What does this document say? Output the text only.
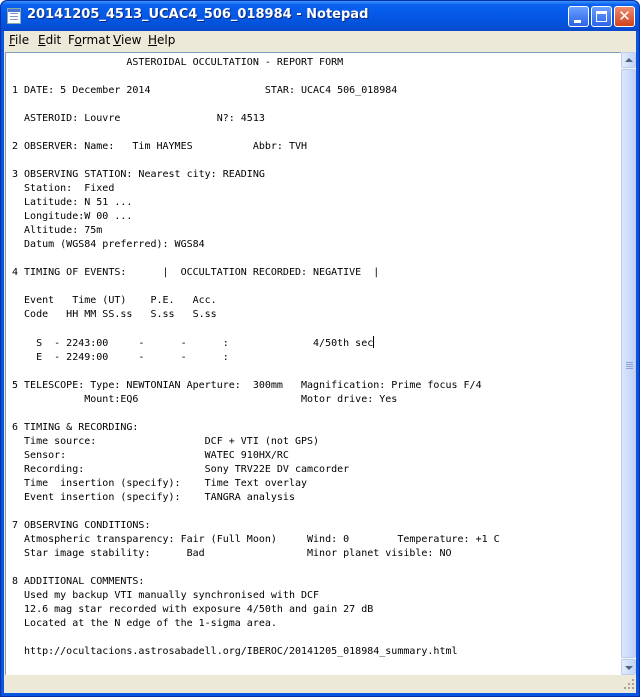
20141205_4513_UCAC4_506_018984 - Notepad	✕
File Edit Format View Help
ASTEROIDAL OCCULTATION - REPORT FORM

1 DATE: 5 December 2014                   STAR: UCAC4 506_018984

ASTEROID: Louvre                N?: 4513

2 OBSERVER: Name:   Tim HAYMES          Abbr: TVH

3 OBSERVING STATION: Nearest city: READING
Station:  Fixed
Latitude: N 51 ...
Longitude:W 00 ...
Altitude: 75m
Datum (WGS84 preferred): WGS84

4 TIMING OF EVENTS:      |  OCCULTATION RECORDED: NEGATIVE  |

Event   Time (UT)    P.E.   Acc.
Code   HH MM SS.ss   S.ss   S.ss

S  - 2243:00     -      -      :              4/50th sec
E  - 2249:00     -      -      :

5 TELESCOPE: Type: NEWTONIAN Aperture:  300mm   Magnification: Prime focus F/4
Mount:EQ6                           Motor drive: Yes

6 TIMING & RECORDING:
Time source:                  DCF + VTI (not GPS)
Sensor:                       WATEC 910HX/RC
Recording:                    Sony TRV22E DV camcorder
Time  insertion (specify):    Time Text overlay
Event insertion (specify):    TANGRA analysis

7 OBSERVING CONDITIONS:
Atmospheric transparency: Fair (Full Moon)     Wind: 0        Temperature: +1 C
Star image stability:      Bad                 Minor planet visible: NO

8 ADDITIONAL COMMENTS:
Used my backup VTI manually synchronised with DCF
12.6 mag star recorded with exposure 4/50th and gain 27 dB
Located at the N edge of the 1-sigma area.

http://ocultacions.astrosabadell.org/IBEROC/20141205_018984_summary.html
